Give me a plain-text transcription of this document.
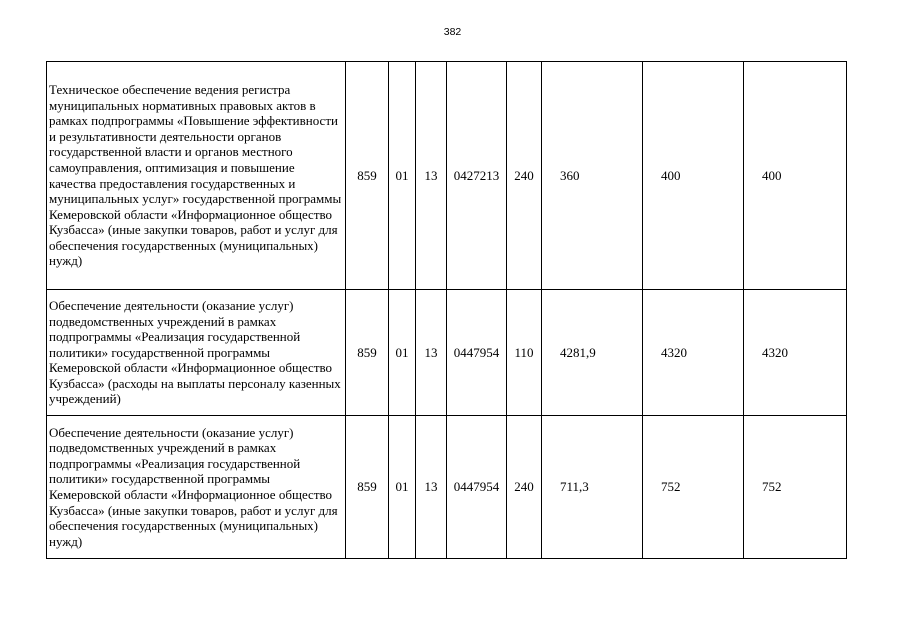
382
Техническое обеспечение ведения регистра муниципальных нормативных правовых актов в рамках подпрограммы «Повышение эффективности и результативности деятельности органов государственной власти и органов местного самоуправления, оптимизация и повышение качества предоставления государственных и муниципальных услуг» государственной программы Кемеровской области «Информационное общество Кузбасса» (иные закупки товаров, работ и услуг для обеспечения государственных (муниципальных) нужд)	859	01	13	0427213	240	360	400	400
Обеспечение деятельности (оказание услуг) подведомственных учреждений в рамках подпрограммы «Реализация государственной политики» государственной программы Кемеровской области «Информационное общество Кузбасса» (расходы на выплаты персоналу казенных учреждений)	859	01	13	0447954	110	4281,9	4320	4320
Обеспечение деятельности (оказание услуг) подведомственных учреждений в рамках подпрограммы «Реализация государственной политики» государственной программы Кемеровской области «Информационное общество Кузбасса» (иные закупки товаров, работ и услуг для обеспечения государственных (муниципальных) нужд)	859	01	13	0447954	240	711,3	752	752
